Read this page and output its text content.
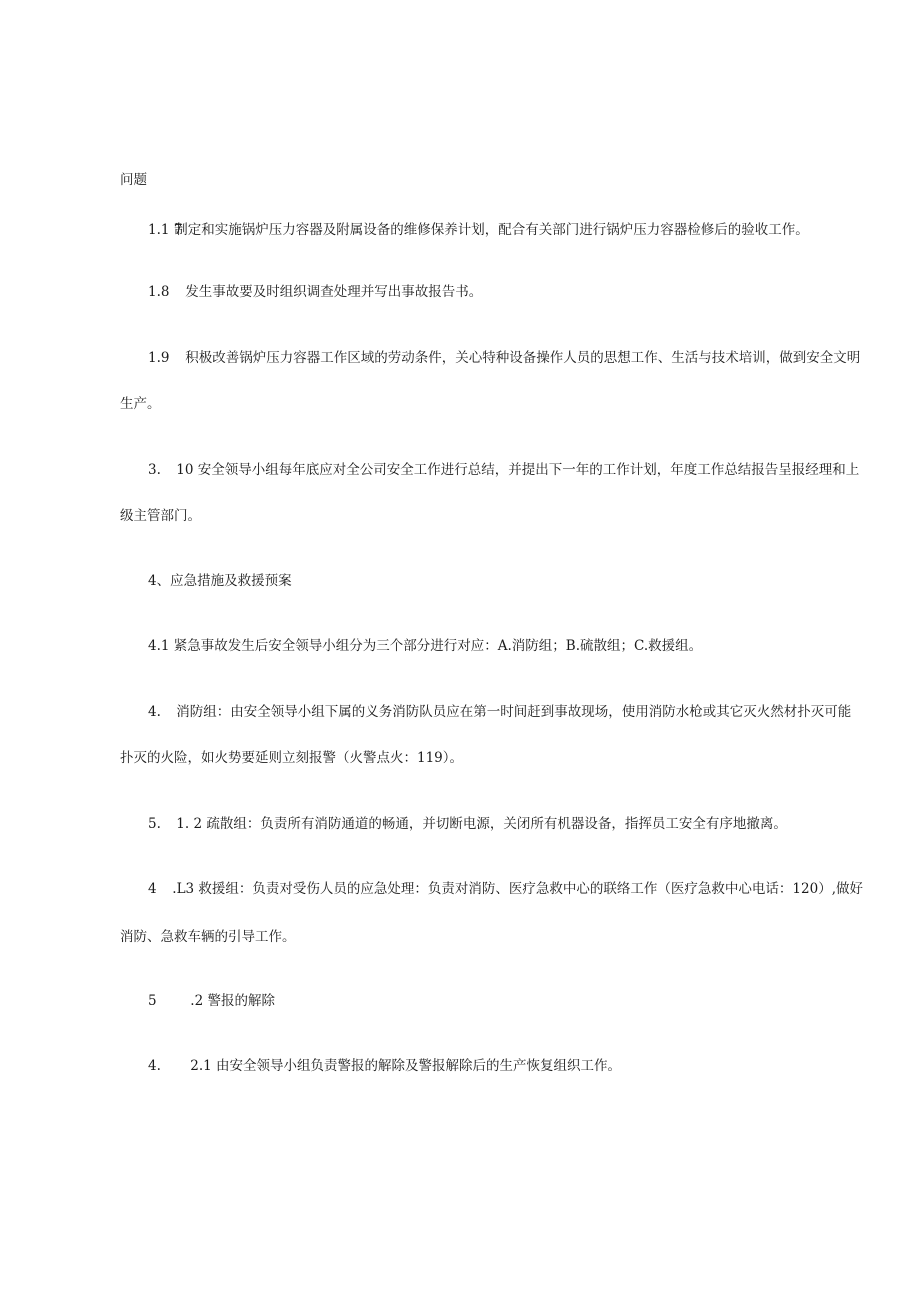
问题
1.1 7 制定和实施锅炉压力容器及附属设备的维修保养计划，配合有关部门进行锅炉压力容器检修后的验收工作。
1.8 发生事故要及时组织调查处理并写出事故报告书。
1.9 积极改善锅炉压力容器工作区域的劳动条件，关心特种设备操作人员的思想工作、生活与技术培训，做到安全文明
生产。
3. 10 安全领导小组每年底应对全公司安全工作进行总结，并提出下一年的工作计划，年度工作总结报告呈报经理和上
级主管部门。
4、应急措施及救援预案
4.1 紧急事故发生后安全领导小组分为三个部分进行对应：A.消防组；B.硫散组；C.救援组。
4. 消防组：由安全领导小组下属的义务消防队员应在第一时间赶到事故现场，使用消防水枪或其它灭火然材扑灭可能
扑灭的火险，如火势要延则立刻报警（火警点火：119）。
5. 1. 2 疏散组：负责所有消防通道的畅通，并切断电源，关闭所有机器设备，指挥员工安全有序地撤离。
4 .L3 救援组：负责对受伤人员的应急处理：负责对消防、医疗急救中心的联络工作（医疗急救中心电话：120）,做好
消防、急救车辆的引导工作。
5 .2 警报的解除
4. 2.1 由安全领导小组负责警报的解除及警报解除后的生产恢复组织工作。
